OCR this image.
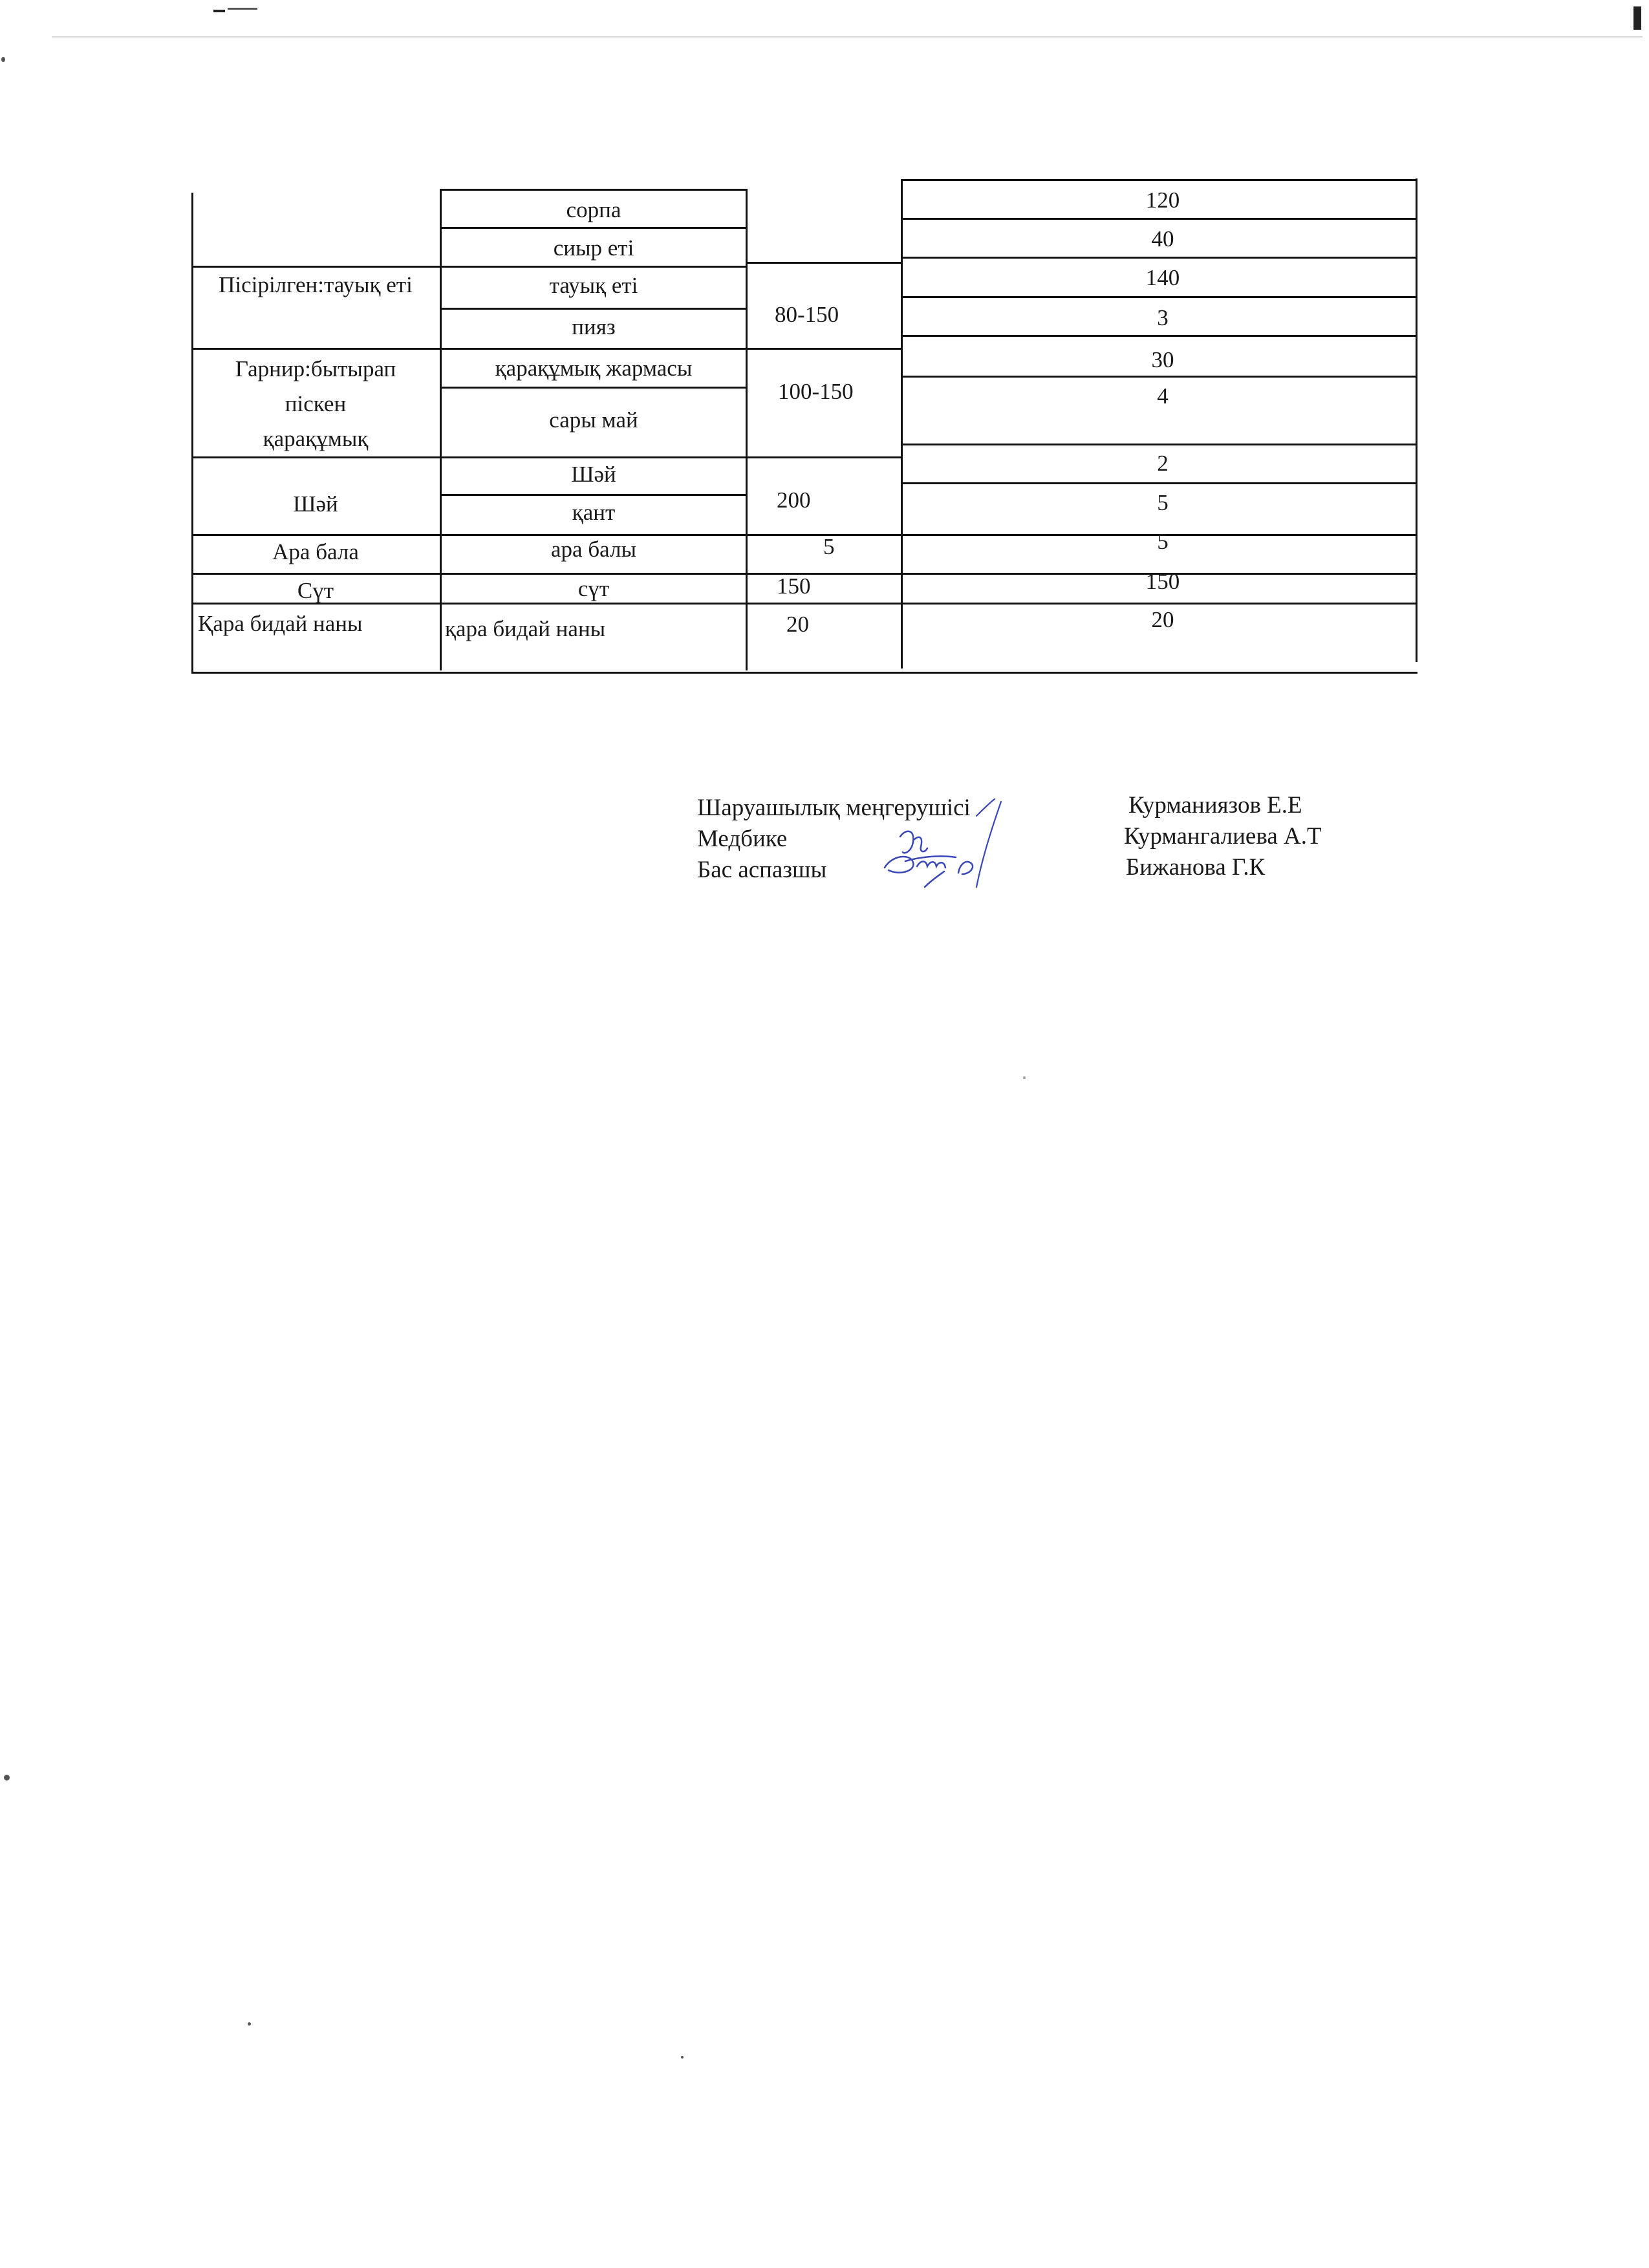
Пісірілген:тауық еті
Гарнир:бытырап
піскен
қарақұмық
Шәй
Ара бала
Сүт
Қара бидай наны
сорпа
сиыр еті
тауық еті
пияз
қарақұмық жармасы
сары май
Шәй
қант
ара балы
сүт
қара бидай наны
80-150
100-150
200
5
150
20
120
40
140
3
30
4
2
5
5
150
20
Шаруашылық меңгерушісі
Медбике
Бас аспазшы
Курманиязов Е.Е
Курмангалиева А.Т
Бижанова Г.К
